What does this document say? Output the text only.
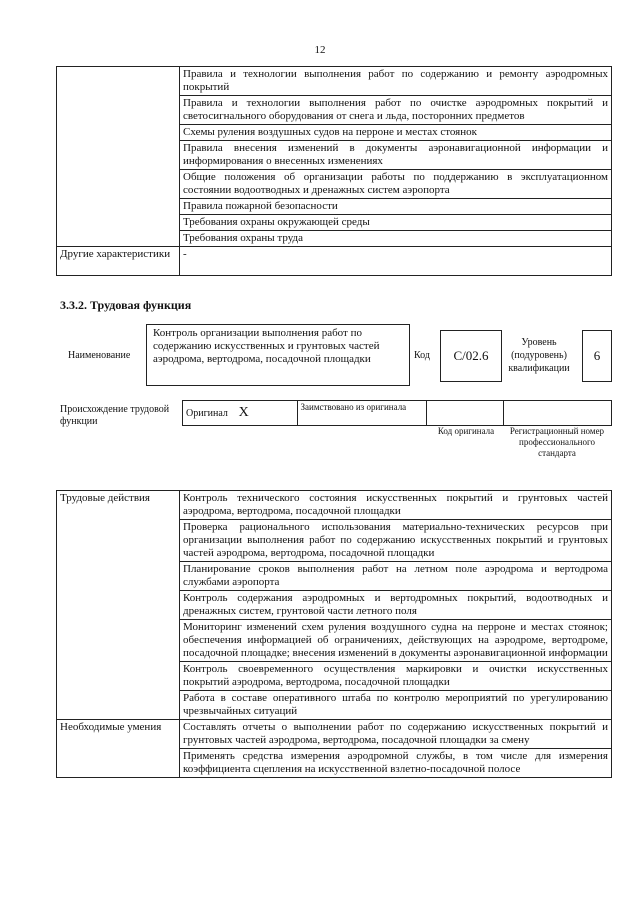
12
	Правила и технологии выполнения работ по содержанию и ремонту аэродромных покрытий
	Правила и технологии выполнения работ по очистке аэродромных покрытий и светосигнального оборудования от снега и льда, посторонних предметов
	Схемы руления воздушных судов на перроне и местах стоянок
	Правила внесения изменений в документы аэронавигационной информации и информирования о внесенных изменениях
	Общие положения об организации работы по поддержанию в эксплуатационном состоянии водоотводных и дренажных систем аэропорта
	Правила пожарной безопасности
	Требования охраны окружающей среды
	Требования охраны труда
Другие характеристики	-
3.3.2. Трудовая функция
Наименование
Контроль организации выполнения работ по содержанию искусственных и грунтовых частей аэродрома, вертодрома, посадочной площадки	Код	С/02.6
Уровень (подуровень) квалификации
6
Происхождение трудовой функции
Оригинал X	Заимствовано из оригинала		
Код оригинала	Регистрационный номер профессионального стандарта
Трудовые действия	Контроль технического состояния искусственных покрытий и грунтовых частей аэродрома, вертодрома, посадочной площадки
	Проверка рационального использования материально-технических ресурсов при организации выполнения работ по содержанию искусственных покрытий и грунтовых частей аэродрома, вертодрома, посадочной площадки
	Планирование сроков выполнения работ на летном поле аэродрома и вертодрома службами аэропорта
	Контроль содержания аэродромных и вертодромных покрытий, водоотводных и дренажных систем, грунтовой части летного поля
	Мониторинг изменений схем руления воздушного судна на перроне и местах стоянок; обеспечения информацией об ограничениях, действующих на аэродроме, вертодроме, посадочной площадке; внесения изменений в документы аэронавигационной информации
	Контроль своевременного осуществления маркировки и очистки искусственных покрытий аэродрома, вертодрома, посадочной площадки
	Работа в составе оперативного штаба по контролю мероприятий по урегулированию чрезвычайных ситуаций
Необходимые умения	Составлять отчеты о выполнении работ по содержанию искусственных покрытий и грунтовых частей аэродрома, вертодрома, посадочной площадки за смену
	Применять средства измерения аэродромной службы, в том числе для измерения коэффициента сцепления на искусственной взлетно-посадочной полосе
